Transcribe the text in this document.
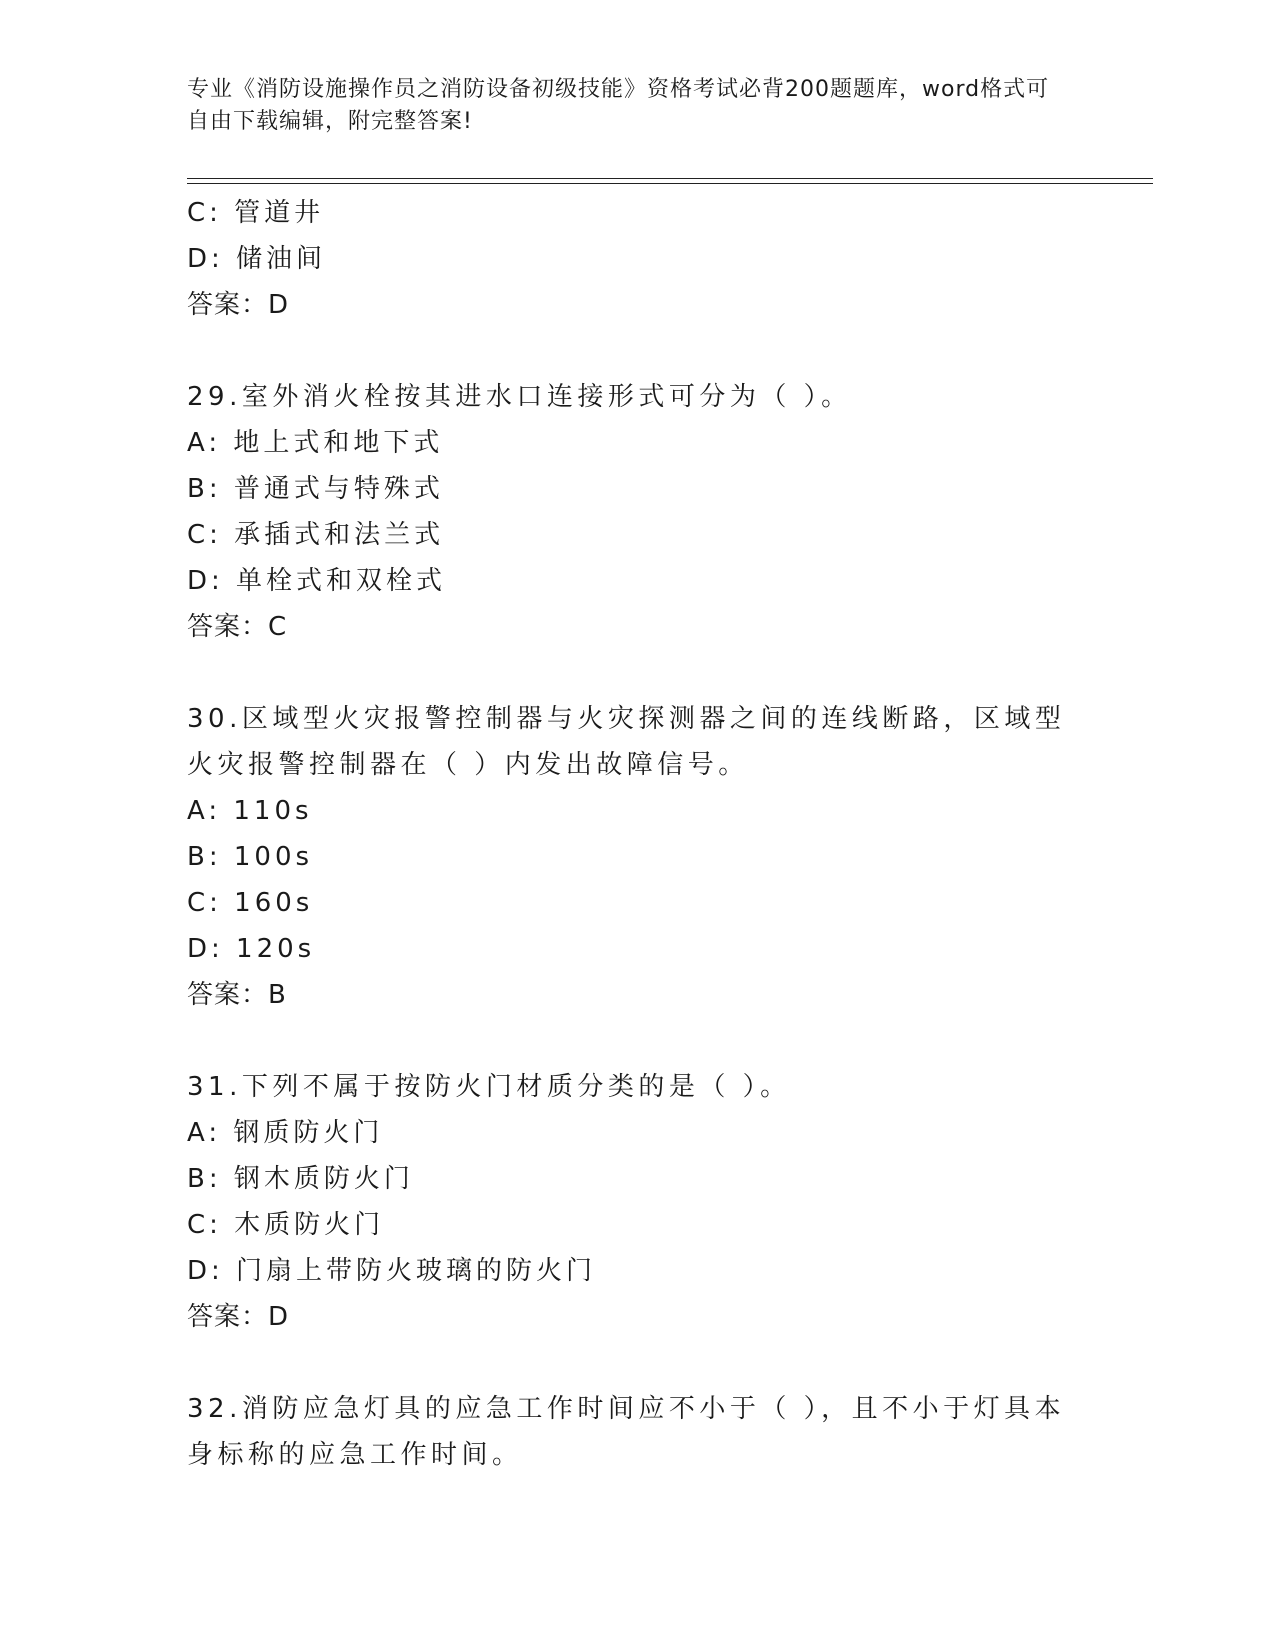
专业《消防设施操作员之消防设备初级技能》资格考试必背200题题库，word格式可自由下载编辑，附完整答案!
C: 管道井
D: 储油间
答案：D
29.室外消火栓按其进水口连接形式可分为（ ）。
A: 地上式和地下式
B: 普通式与特殊式
C: 承插式和法兰式
D: 单栓式和双栓式
答案：C
30.区域型火灾报警控制器与火灾探测器之间的连线断路，区域型火灾报警控制器在（ ）内发出故障信号。
A: 110s
B: 100s
C: 160s
D: 120s
答案：B
31.下列不属于按防火门材质分类的是（ ）。
A: 钢质防火门
B: 钢木质防火门
C: 木质防火门
D: 门扇上带防火玻璃的防火门
答案：D
32.消防应急灯具的应急工作时间应不小于（ ），且不小于灯具本身标称的应急工作时间。
